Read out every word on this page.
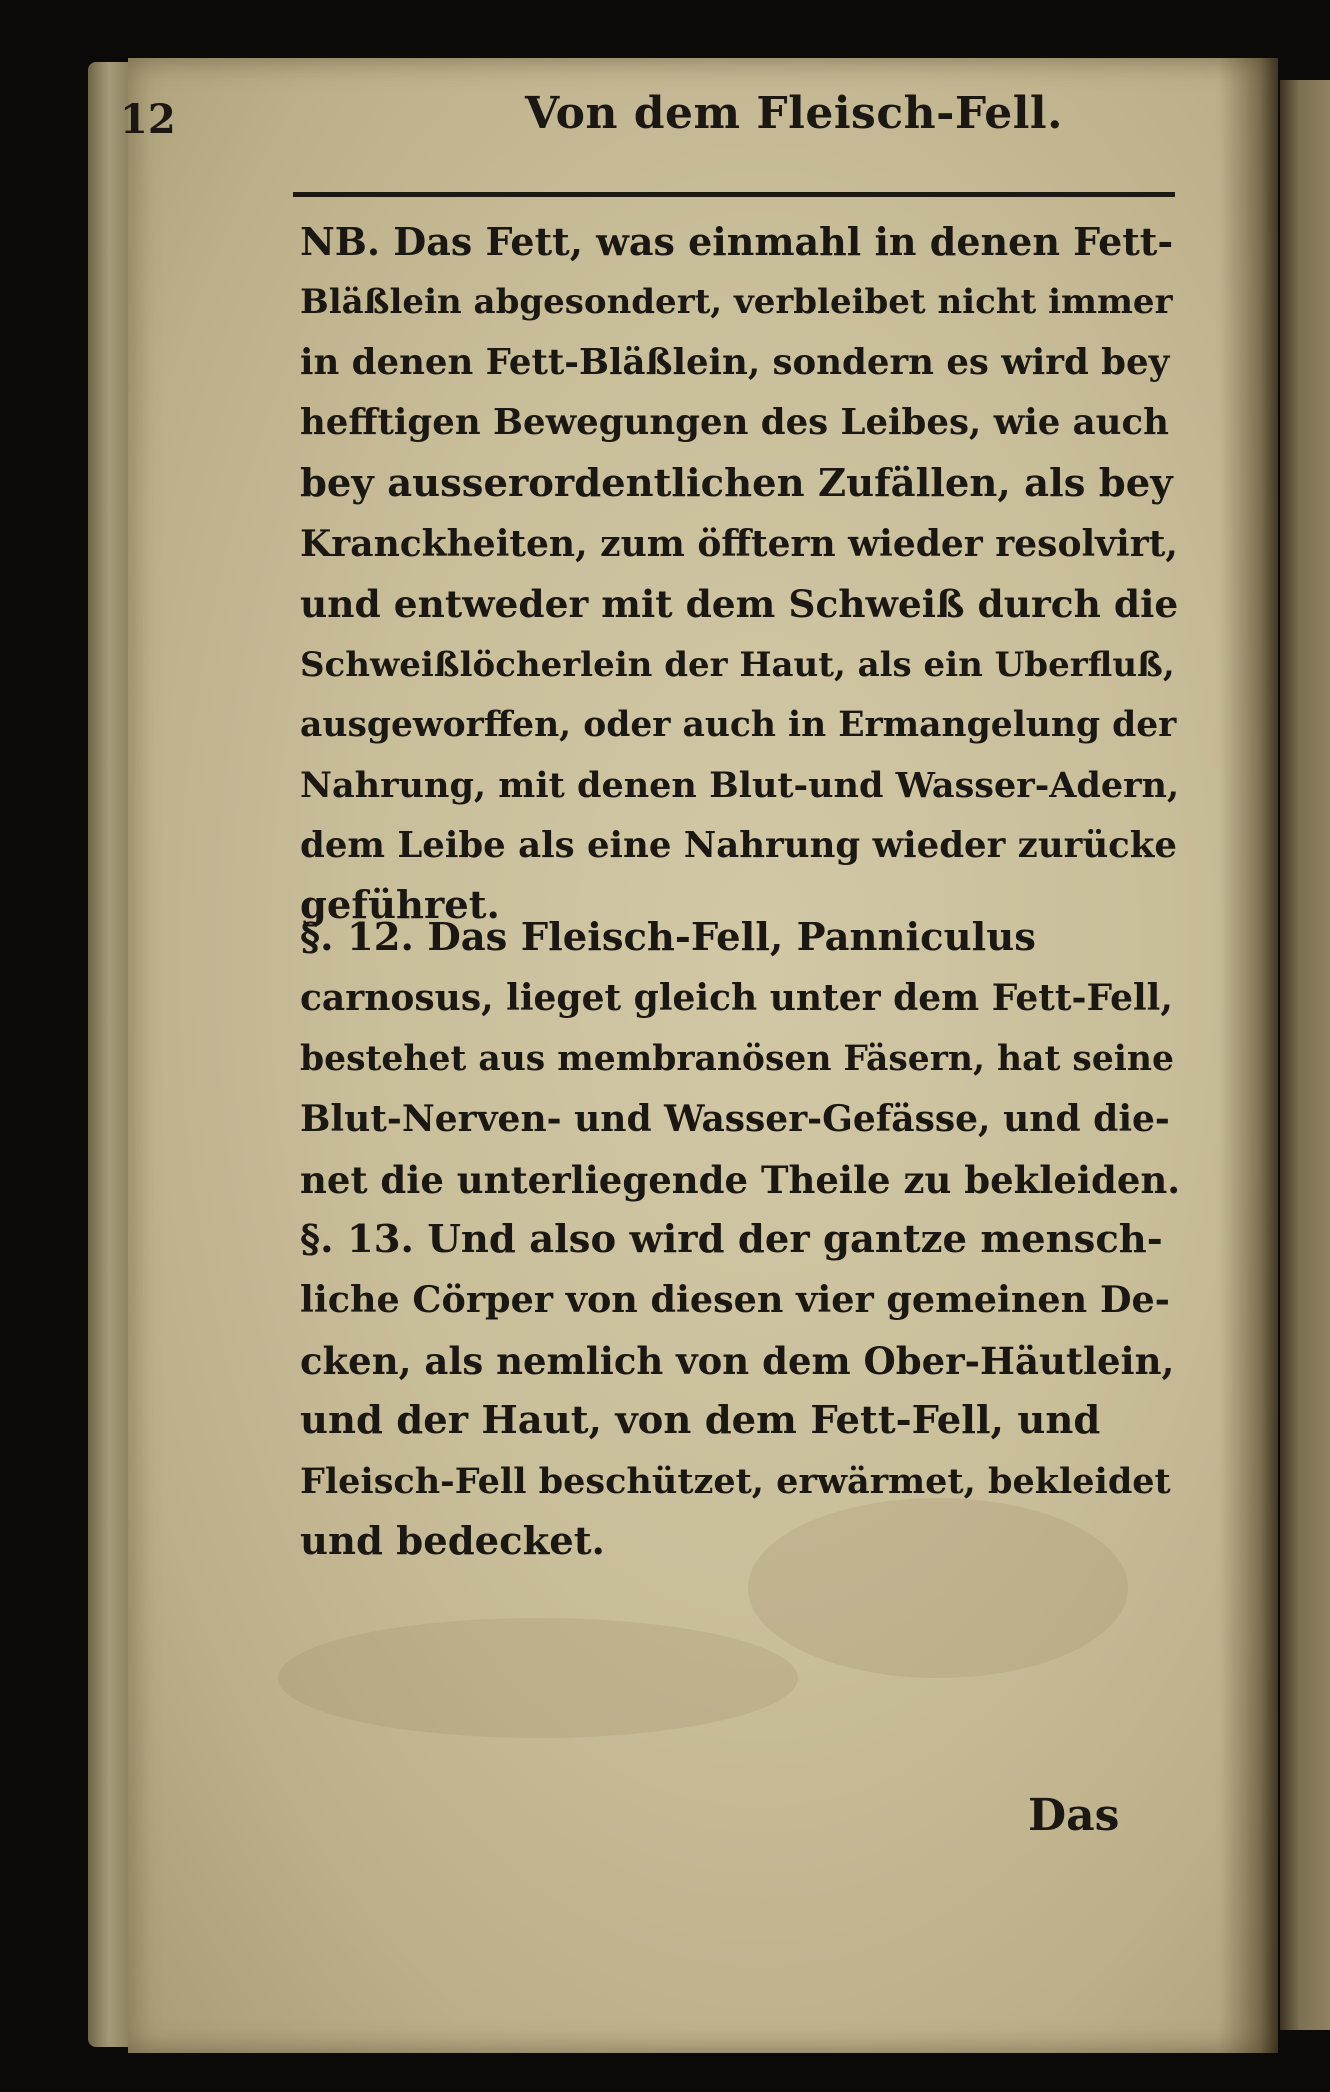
12	Von dem Fleisch-Fell.
NB. Das Fett, was einmahl in denen Fett-
Bläßlein abgesondert, verbleibet nicht immer
in denen Fett-Bläßlein, sondern es wird bey
hefftigen Bewegungen des Leibes, wie auch
bey ausserordentlichen Zufällen, als bey
Kranckheiten, zum öfftern wieder resolvirt,
und entweder mit dem Schweiß durch die
Schweißlöcherlein der Haut, als ein Uberfluß,
ausgeworffen, oder auch in Ermangelung der
Nahrung, mit denen Blut-und Wasser-Adern,
dem Leibe als eine Nahrung wieder zurücke
geführet.
§. 12. Das Fleisch-Fell, Panniculus
carnosus, lieget gleich unter dem Fett-Fell,
bestehet aus membranösen Fäsern, hat seine
Blut-Nerven- und Wasser-Gefässe, und die-
net die unterliegende Theile zu bekleiden.
§. 13. Und also wird der gantze mensch-
liche Cörper von diesen vier gemeinen De-
cken, als nemlich von dem Ober-Häutlein,
und der Haut, von dem Fett-Fell, und
Fleisch-Fell beschützet, erwärmet, bekleidet
und bedecket.
Das
